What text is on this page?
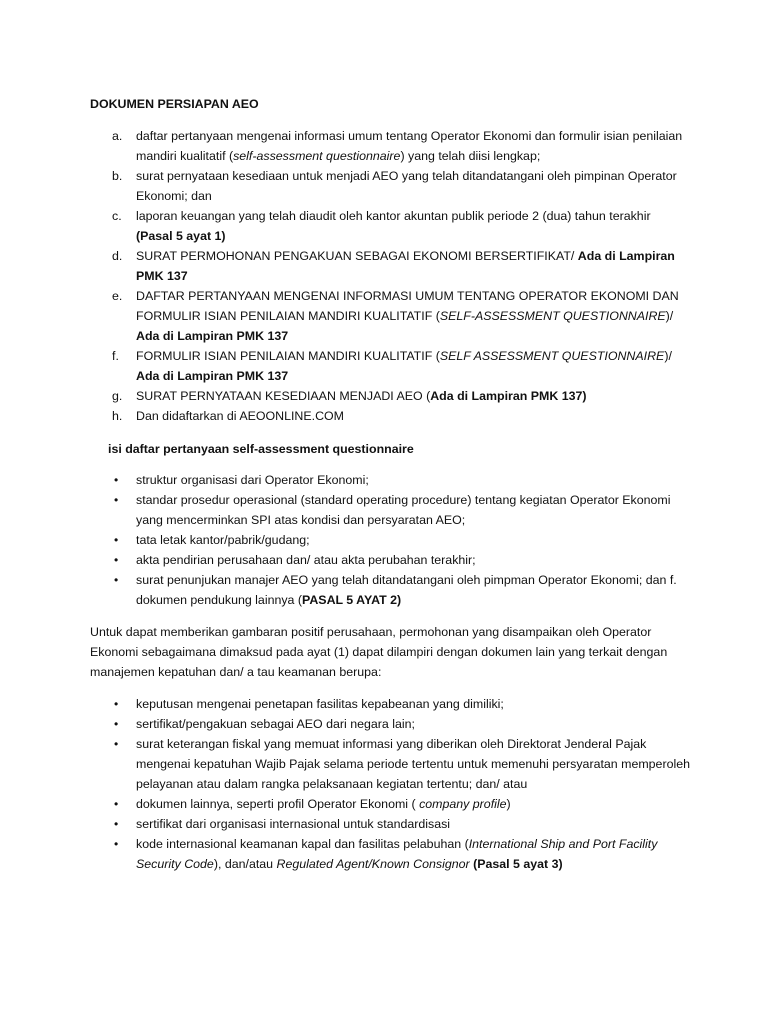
DOKUMEN PERSIAPAN AEO
a. daftar pertanyaan mengenai informasi umum tentang Operator Ekonomi dan formulir isian penilaian mandiri kualitatif (self-assessment questionnaire) yang telah diisi lengkap;
b. surat pernyataan kesediaan untuk menjadi AEO yang telah ditandatangani oleh pimpinan Operator Ekonomi; dan
c. laporan keuangan yang telah diaudit oleh kantor akuntan publik periode 2 (dua) tahun terakhir (Pasal 5 ayat 1)
d. SURAT PERMOHONAN PENGAKUAN SEBAGAI EKONOMI BERSERTIFIKAT/ Ada di Lampiran PMK 137
e. DAFTAR PERTANYAAN MENGENAI INFORMASI UMUM TENTANG OPERATOR EKONOMI DAN FORMULIR ISIAN PENILAIAN MANDIRI KUALITATIF (SELF-ASSESSMENT QUESTIONNAIRE)/ Ada di Lampiran PMK 137
f. FORMULIR ISIAN PENILAIAN MANDIRI KUALITATIF (SELF ASSESSMENT QUESTIONNAIRE)/ Ada di Lampiran PMK 137
g. SURAT PERNYATAAN KESEDIAAN MENJADI AEO (Ada di Lampiran PMK 137)
h. Dan didaftarkan di AEOONLINE.COM
isi daftar pertanyaan self-assessment questionnaire
• struktur organisasi dari Operator Ekonomi;
• standar prosedur operasional (standard operating procedure) tentang kegiatan Operator Ekonomi yang mencerminkan SPI atas kondisi dan persyaratan AEO;
• tata letak kantor/pabrik/gudang;
• akta pendirian perusahaan dan/ atau akta perubahan terakhir;
• surat penunjukan manajer AEO yang telah ditandatangani oleh pimpman Operator Ekonomi; dan f. dokumen pendukung lainnya (PASAL 5 AYAT 2)
Untuk dapat memberikan gambaran positif perusahaan, permohonan yang disampaikan oleh Operator Ekonomi sebagaimana dimaksud pada ayat (1) dapat dilampiri dengan dokumen lain yang terkait dengan manajemen kepatuhan dan/ a tau keamanan berupa:
• keputusan mengenai penetapan fasilitas kepabeanan yang dimiliki;
• sertifikat/pengakuan sebagai AEO dari negara lain;
• surat keterangan fiskal yang memuat informasi yang diberikan oleh Direktorat Jenderal Pajak mengenai kepatuhan Wajib Pajak selama periode tertentu untuk memenuhi persyaratan memperoleh pelayanan atau dalam rangka pelaksanaan kegiatan tertentu; dan/ atau
• dokumen lainnya, seperti profil Operator Ekonomi ( company profile)
• sertifikat dari organisasi internasional untuk standardisasi
• kode internasional keamanan kapal dan fasilitas pelabuhan (International Ship and Port Facility Security Code), dan/atau Regulated Agent/Known Consignor (Pasal 5 ayat 3)
